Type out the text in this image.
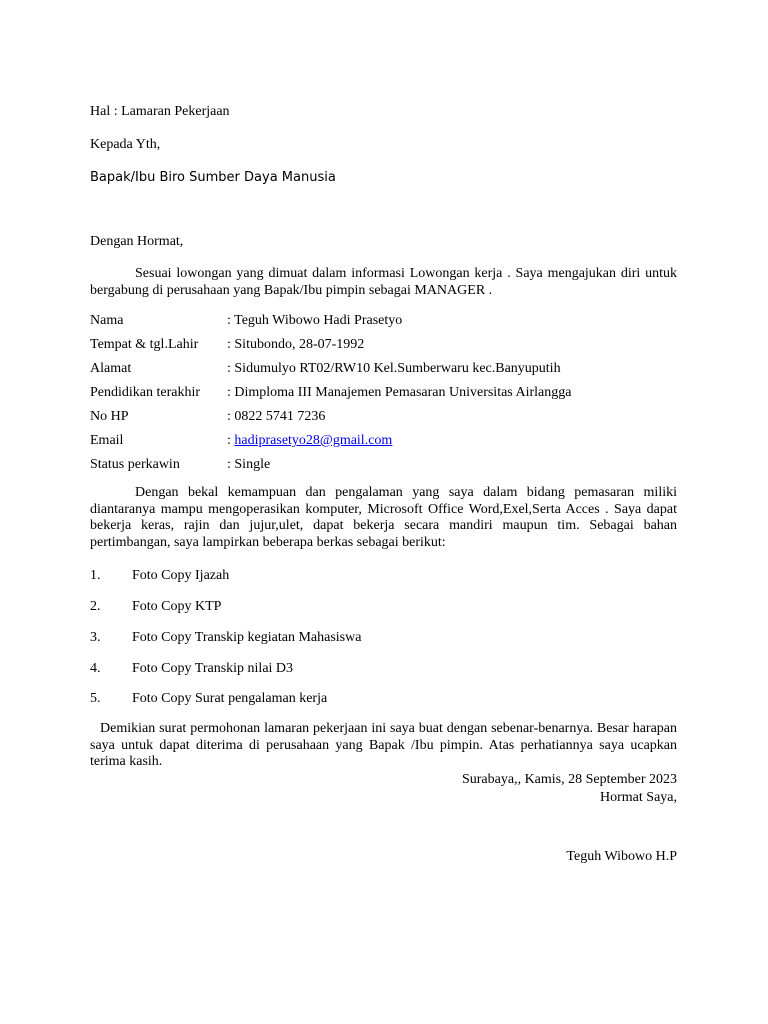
Hal : Lamaran Pekerjaan
Kepada Yth,
Bapak/Ibu Biro Sumber Daya Manusia
Dengan Hormat,
Sesuai lowongan yang dimuat dalam informasi Lowongan kerja . Saya mengajukan diri untuk bergabung di perusahaan yang Bapak/Ibu pimpin sebagai MANAGER .
Nama	: Teguh Wibowo Hadi Prasetyo
Tempat & tgl.Lahir : Situbondo, 28-07-1992
Alamat	: Sidumulyo RT02/RW10 Kel.Sumberwaru kec.Banyuputih
Pendidikan terakhir : Dimploma III Manajemen Pemasaran Universitas Airlangga
No HP	: 0822 5741 7236
Email	: hadiprasetyo28@gmail.com
Status perkawin	: Single
Dengan bekal kemampuan dan pengalaman yang saya dalam bidang pemasaran miliki diantaranya mampu mengoperasikan komputer, Microsoft Office Word,Exel,Serta Acces . Saya dapat bekerja keras, rajin dan jujur,ulet, dapat bekerja secara mandiri maupun tim. Sebagai bahan pertimbangan, saya lampirkan beberapa berkas sebagai berikut:
1. Foto Copy Ijazah
2. Foto Copy KTP
3. Foto Copy Transkip kegiatan Mahasiswa
4. Foto Copy Transkip nilai D3
5. Foto Copy Surat pengalaman kerja
Demikian surat permohonan lamaran pekerjaan ini saya buat dengan sebenar-benarnya. Besar harapan saya untuk dapat diterima di perusahaan yang Bapak /Ibu pimpin. Atas perhatiannya saya ucapkan terima kasih.
Surabaya,, Kamis, 28 September 2023
Hormat Saya,
Teguh Wibowo H.P
